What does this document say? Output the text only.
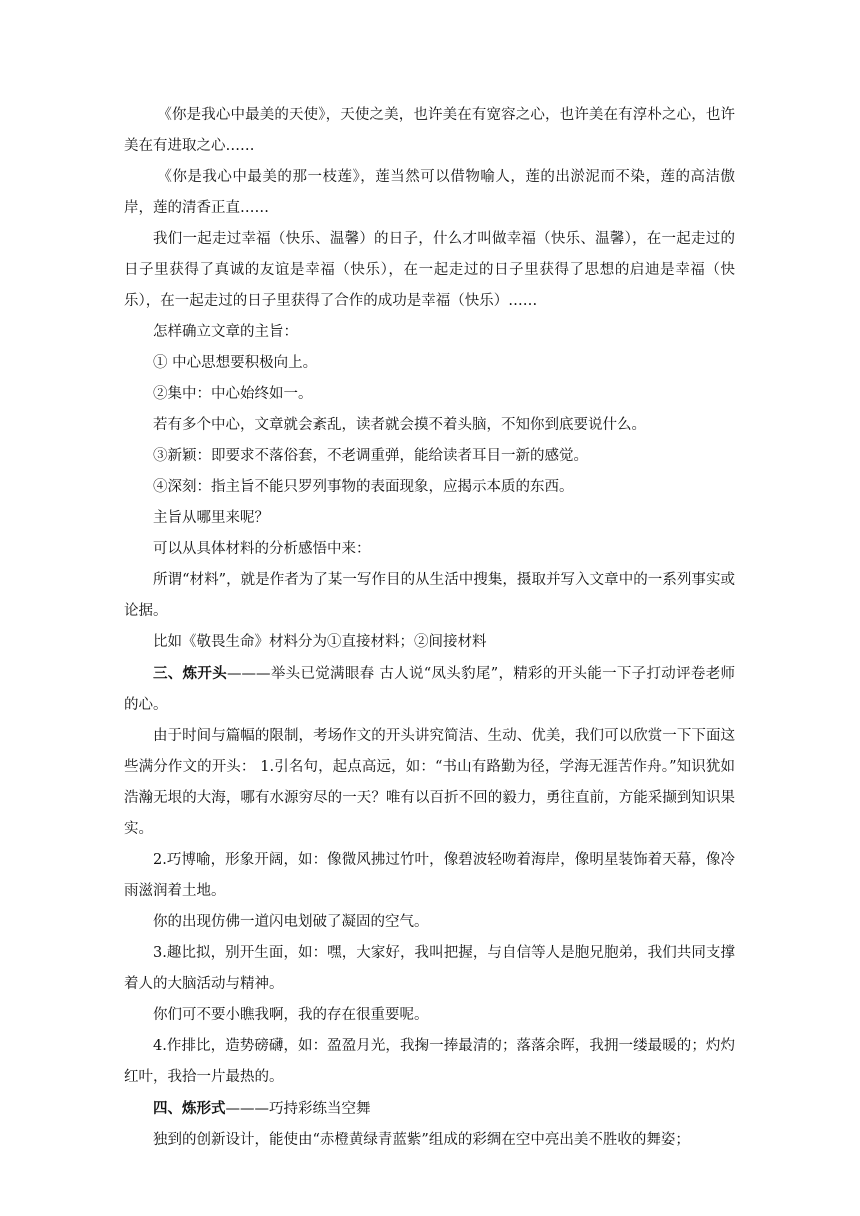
《你是我心中最美的天使》，天使之美，也许美在有宽容之心，也许美在有淳朴之心，也许美在有进取之心……

《你是我心中最美的那一枝莲》，莲当然可以借物喻人，莲的出淤泥而不染，莲的高洁傲岸，莲的清香正直……

我们一起走过幸福（快乐、温馨）的日子，什么才叫做幸福（快乐、温馨），在一起走过的日子里获得了真诚的友谊是幸福（快乐），在一起走过的日子里获得了思想的启迪是幸福（快乐），在一起走过的日子里获得了合作的成功是幸福（快乐）……

怎样确立文章的主旨：

① 中心思想要积极向上。

②集中：中心始终如一。

若有多个中心，文章就会紊乱，读者就会摸不着头脑，不知你到底要说什么。

③新颖：即要求不落俗套，不老调重弹，能给读者耳目一新的感觉。

④深刻：指主旨不能只罗列事物的表面现象，应揭示本质的东西。

主旨从哪里来呢？

可以从具体材料的分析感悟中来：

所谓“材料”，就是作者为了某一写作目的从生活中搜集，摄取并写入文章中的一系列事实或论据。

比如《敬畏生命》材料分为①直接材料；②间接材料

三、炼开头———举头已觉满眼春 古人说“凤头豹尾”，精彩的开头能一下子打动评卷老师的心。

由于时间与篇幅的限制，考场作文的开头讲究简洁、生动、优美，我们可以欣赏一下下面这些满分作文的开头： 1.引名句，起点高远，如：“书山有路勤为径，学海无涯苦作舟。”知识犹如浩瀚无垠的大海，哪有水源穷尽的一天？唯有以百折不回的毅力，勇往直前，方能采撷到知识果实。

2.巧博喻，形象开阔，如：像微风拂过竹叶，像碧波轻吻着海岸，像明星装饰着天幕，像冷雨滋润着土地。

你的出现仿佛一道闪电划破了凝固的空气。

3.趣比拟，别开生面，如：嘿，大家好，我叫把握，与自信等人是胞兄胞弟，我们共同支撑着人的大脑活动与精神。

你们可不要小瞧我啊，我的存在很重要呢。

4.作排比，造势磅礴，如：盈盈月光，我掬一捧最清的；落落余晖，我拥一缕最暖的；灼灼红叶，我拾一片最热的。

四、炼形式———巧持彩练当空舞

独到的创新设计，能使由“赤橙黄绿青蓝紫”组成的彩绸在空中亮出美不胜收的舞姿；
